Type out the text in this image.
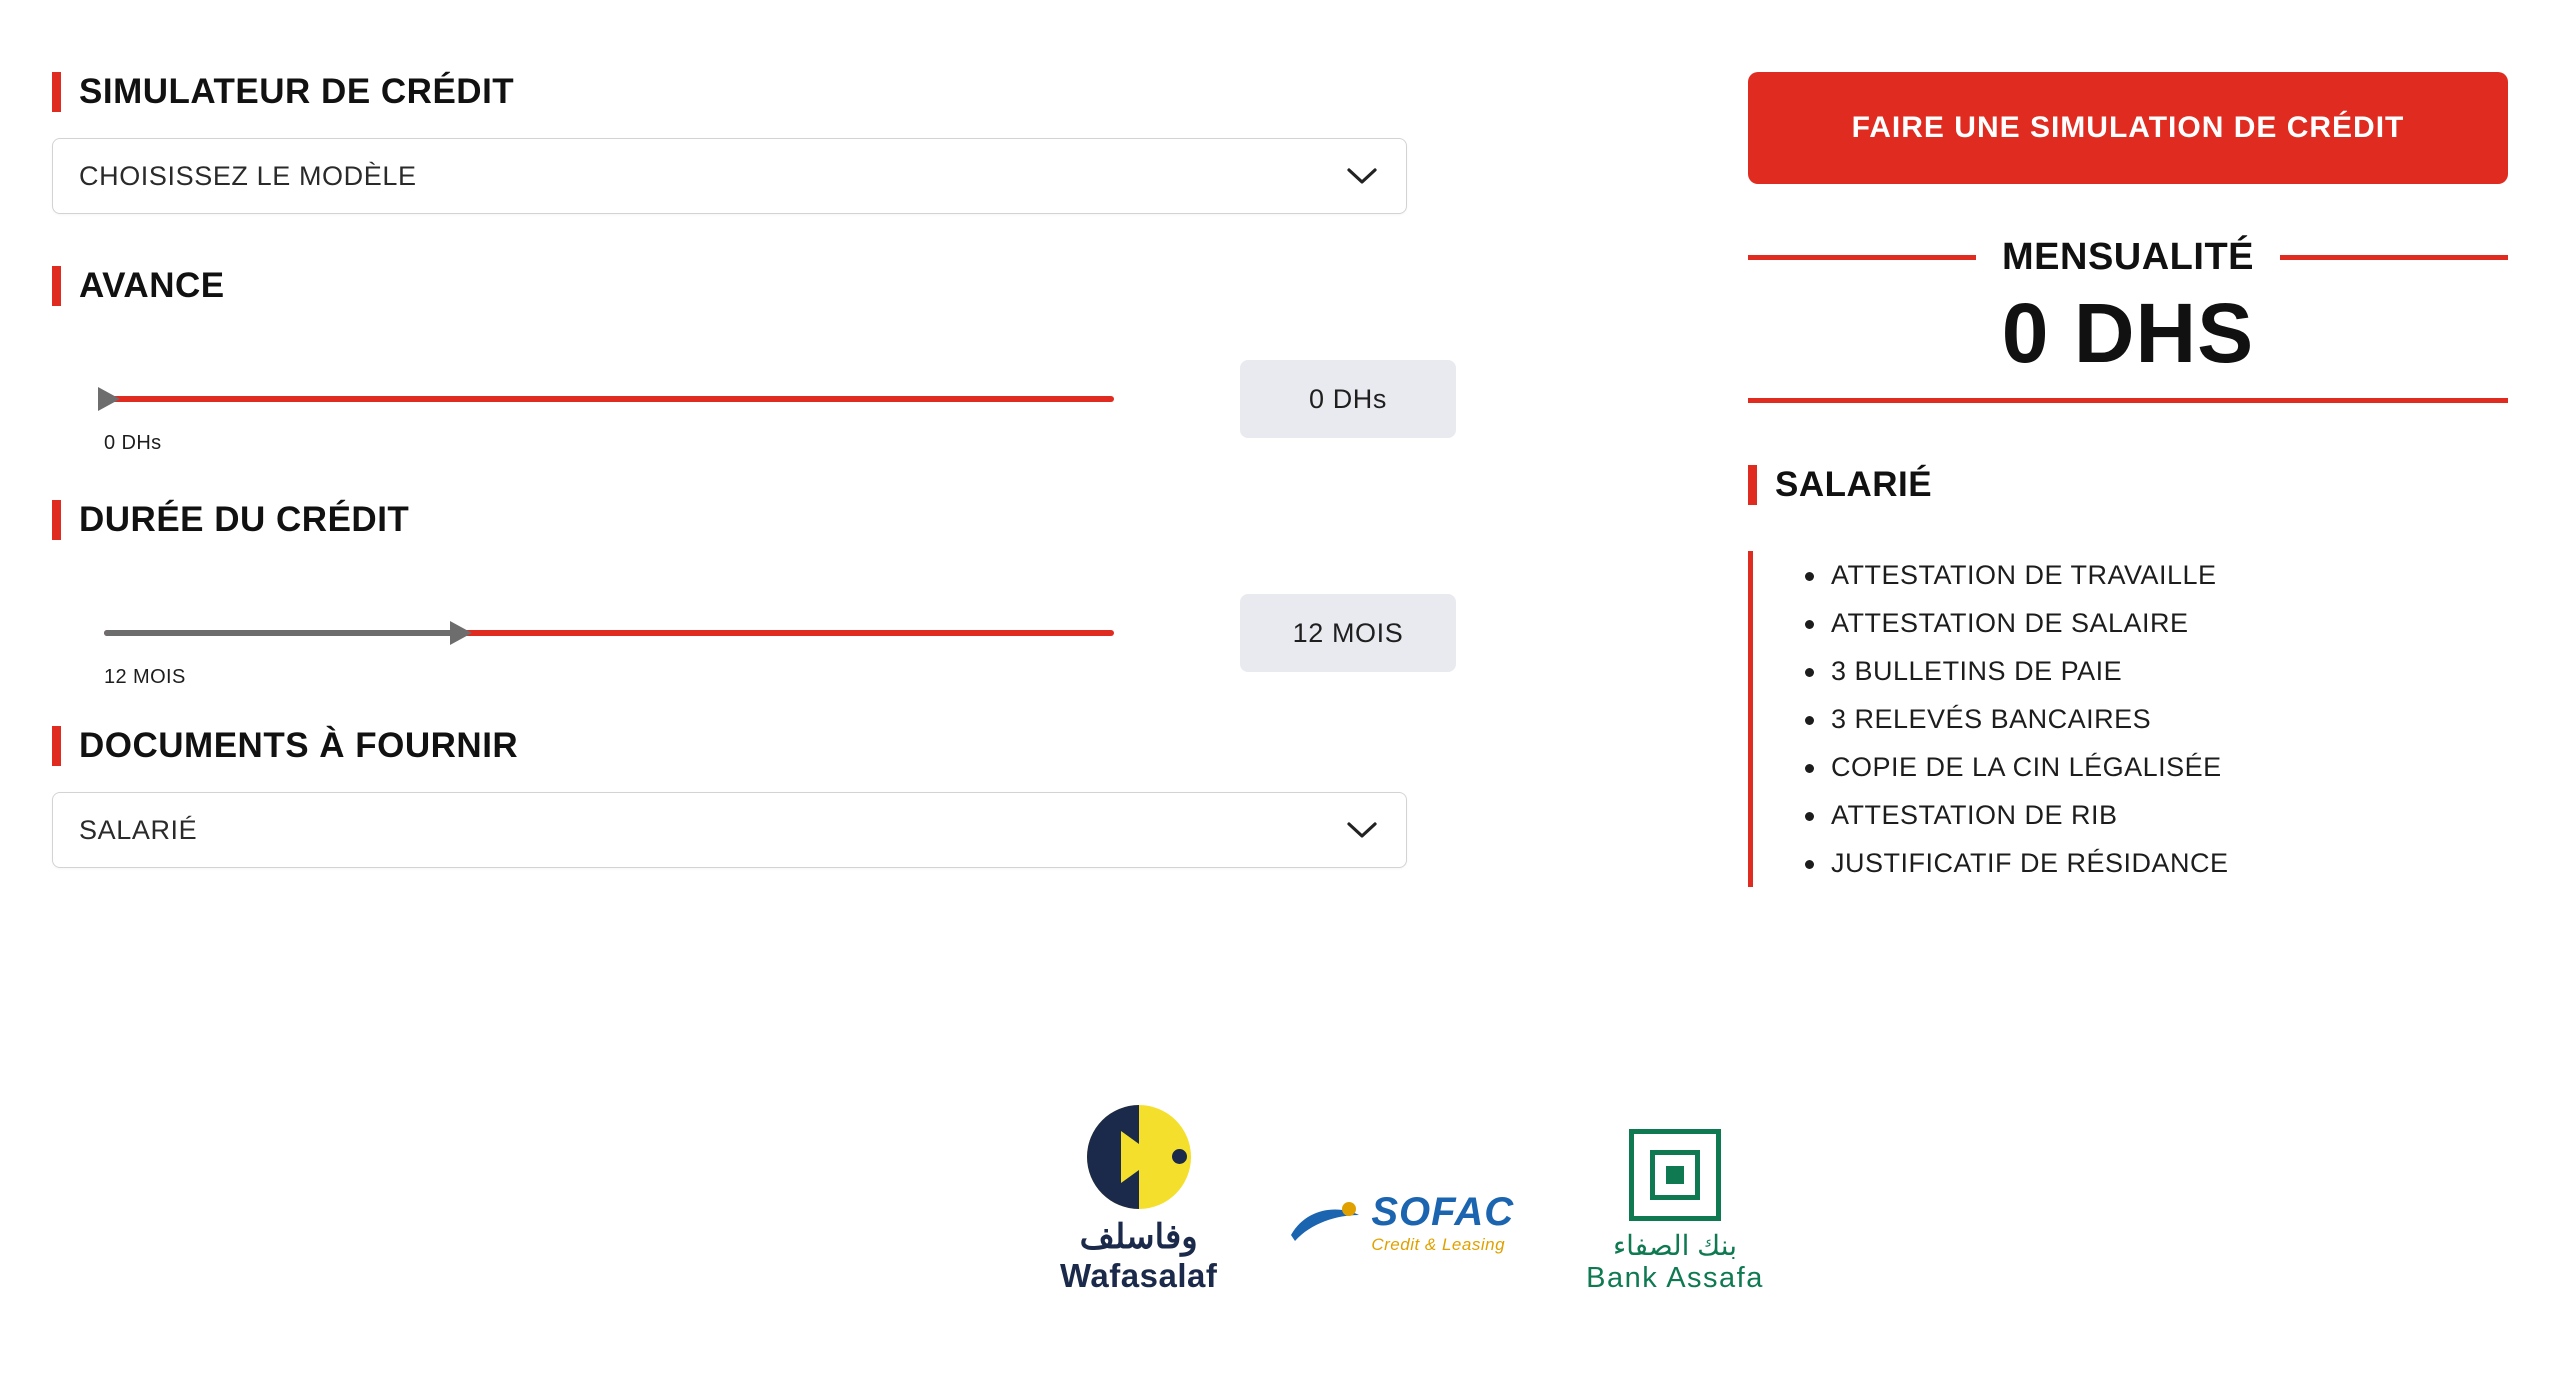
SIMULATEUR DE CRÉDIT
CHOISISSEZ LE MODÈLE
AVANCE
0 DHs
0 DHs
DURÉE DU CRÉDIT
12 MOIS
12 MOIS
DOCUMENTS À FOURNIR
SALARIÉ
FAIRE UNE SIMULATION DE CRÉDIT
MENSUALITÉ
0 DHS
SALARIÉ
ATTESTATION DE TRAVAILLE
ATTESTATION DE SALAIRE
3 BULLETINS DE PAIE
3 RELEVÉS BANCAIRES
COPIE DE LA CIN LÉGALISÉE
ATTESTATION DE RIB
JUSTIFICATIF DE RÉSIDANCE
وفاسلف
Wafasalaf
SOFAC
Credit & Leasing	بنك الصفاء
Bank Assafa
